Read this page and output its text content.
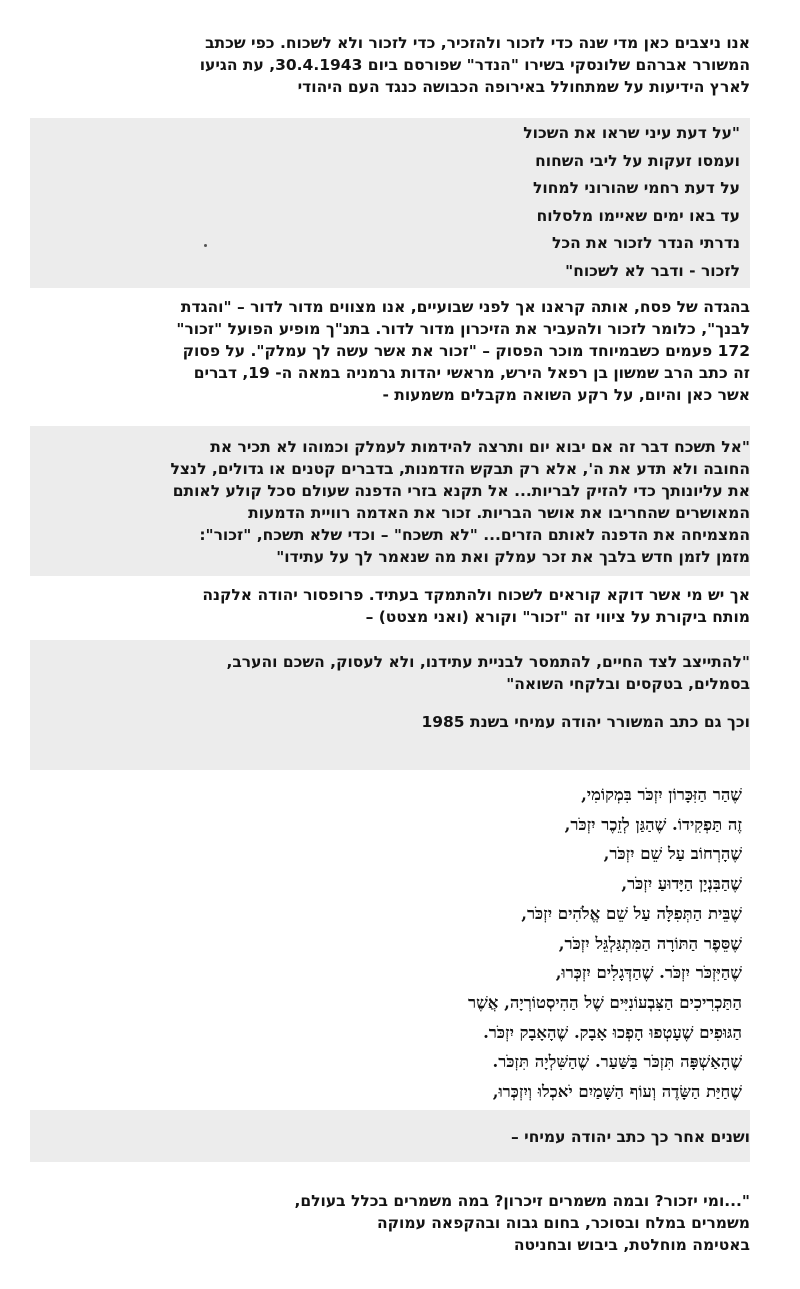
אנו ניצבים כאן מדי שנה כדי לזכור ולהזכיר, כדי לזכור ולא לשכוח. כפי שכתב
המשורר אברהם שלונסקי בשירו "הנדר" שפורסם ביום 30.4.1943, עת הגיעו
לארץ הידיעות על שמתחולל באירופה הכבושה כנגד העם היהודי

"על דעת עיני שראו את השכול
ועמסו זעקות על ליבי השחוח
על דעת רחמי שהורוני למחול
עד באו ימים שאיימו מלסלוח
נדרתי הנדר לזכור את הכל
לזכור - ודבר לא לשכוח"

בהגדה של פסח, אותה קראנו אך לפני שבועיים, אנו מצווים מדור לדור – "והגדת
לבנך", כלומר לזכור ולהעביר את הזיכרון מדור לדור. בתנ"ך מופיע הפועל "זכור"
172 פעמים כשבמיוחד מוכר הפסוק – "זכור את אשר עשה לך עמלק". על פסוק
זה כתב הרב שמשון בן רפאל הירש, מראשי יהדות גרמניה במאה ה- 19, דברים
אשר כאן והיום, על רקע השואה מקבלים משמעות -

"אל תשכח דבר זה אם יבוא יום ותרצה להידמות לעמלק וכמוהו לא תכיר את
החובה ולא תדע את ה', אלא רק תבקש הזדמנות, בדברים קטנים או גדולים, לנצל
את עליונותך כדי להזיק לבריות... אל תקנא בזרי הדפנה שעולם סכל קולע לאותם
המאושרים שהחריבו את אושר הבריות. זכור את האדמה רוויית הדמעות
המצמיחה את הדפנה לאותם הזרים... "לא תשכח" – וכדי שלא תשכח, "זכור":
מזמן לזמן חדש בלבך את זכר עמלק ואת מה שנאמר לך על עתידו"

אך יש מי אשר דוקא קוראים לשכוח ולהתמקד בעתיד. פרופסור יהודה אלקנה
מותח ביקורת על ציווי זה "זכור" וקורא (ואני מצטט) –

"להתייצב לצד החיים, להתמסר לבניית עתידנו, ולא לעסוק, השכם והערב,
בסמלים, בטקסים ובלקחי השואה"

וכך גם כתב המשורר יהודה עמיחי בשנת 1985

שֶׁהַר הַזִּכָּרוֹן יִזְכֹּר בִּמְקוֹמִי,
זֶה תַּפְקִידוֹ. שֶׁהַגַּן לְזֵכֶר יִזְכֹּר,
שֶׁהָרְחוֹב עַל שֵׁם יִזְכֹּר,
שֶׁהַבִּנְיָן הַיָּדוּעַ יִזְכֹּר,
שֶׁבֵּית הַתְּפִלָּה עַל שֵׁם אֱלֹהִים יִזְכֹּר,
שֶׁסֵּפֶר הַתּוֹרָה הַמִּתְגַּלְגֵּל יִזְכֹּר,
שֶׁהַיִּזְכֹּר יִזְכֹּר. שֶׁהַדְּגָלִים יִזְכְּרוּ,
הַתַּכְרִיכִים הַצִּבְעוֹנִיִּים שֶׁל הַהִיסְטוֹרְיָה, אֲשֶׁר
הַגּוּפִים שֶׁעָטְפוּ הָפְכוּ אָבָק. שֶׁהָאָבָק יִזְכֹּר.
שֶׁהָאַשְׁפָּה תִּזְכֹּר בַּשַּׁעַר. שֶׁהַשִּׁלְיָה תִּזְכֹּר.
שֶׁחַיַּת הַשָּׂדֶה וְעוֹף הַשָּׁמַיִם יֹאכְלוּ וְיִזְכְּרוּ,

ושנים אחר כך כתב יהודה עמיחי –

"...ומי יזכור? ובמה משמרים זיכרון? במה משמרים בכלל בעולם,
משמרים במלח ובסוכר, בחום גבוה ובהקפאה עמוקה
באטימה מוחלטת, ביבוש ובחניטה
